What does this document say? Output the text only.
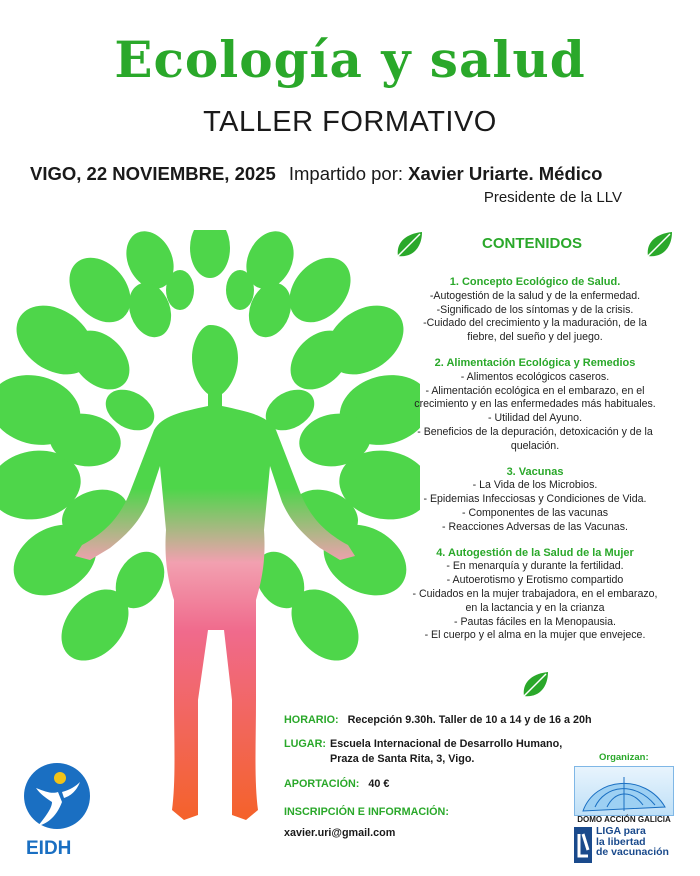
Ecología y salud
TALLER FORMATIVO
VIGO, 22 NOVIEMBRE, 2025 Impartido por: Xavier Uriarte. Médico
Presidente de la LLV
CONTENIDOS
1. Concepto Ecológico de Salud.
-Autogestión de la salud y de la enfermedad.
-Significado de los síntomas y de la crisis.
-Cuidado del crecimiento y la maduración, de la fiebre, del sueño y del juego.
2. Alimentación Ecológica y Remedios
- Alimentos ecológicos caseros.
- Alimentación ecológica en el embarazo, en el crecimiento y en las enfermedades más habituales.
- Utilidad del Ayuno.
- Beneficios de la depuración, detoxicación y de la quelación.
3. Vacunas
- La Vida de los Microbios.
- Epidemias Infecciosas y Condiciones de Vida.
- Componentes de las vacunas
- Reacciones Adversas de las Vacunas.
4. Autogestión de la Salud de la Mujer
- En menarquía y durante la fertilidad.
- Autoerotismo y Erotismo compartido
- Cuidados en la mujer trabajadora, en el embarazo, en la lactancia y en la crianza
- Pautas fáciles en la Menopausia.
- El cuerpo y el alma en la mujer que envejece.
HORARIO: Recepción 9.30h. Taller de 10 a 14 y de 16 a 20h
LUGAR: Escuela Internacional de Desarrollo Humano,
Praza de Santa Rita, 3, Vigo.
APORTACIÓN: 40 €
INSCRIPCIÓN E INFORMACIÓN:
xavier.uri@gmail.com
EIDH
Organizan:
DOMO ACCIÓN GALICIA
LIGA para
la libertad
de vacunación
